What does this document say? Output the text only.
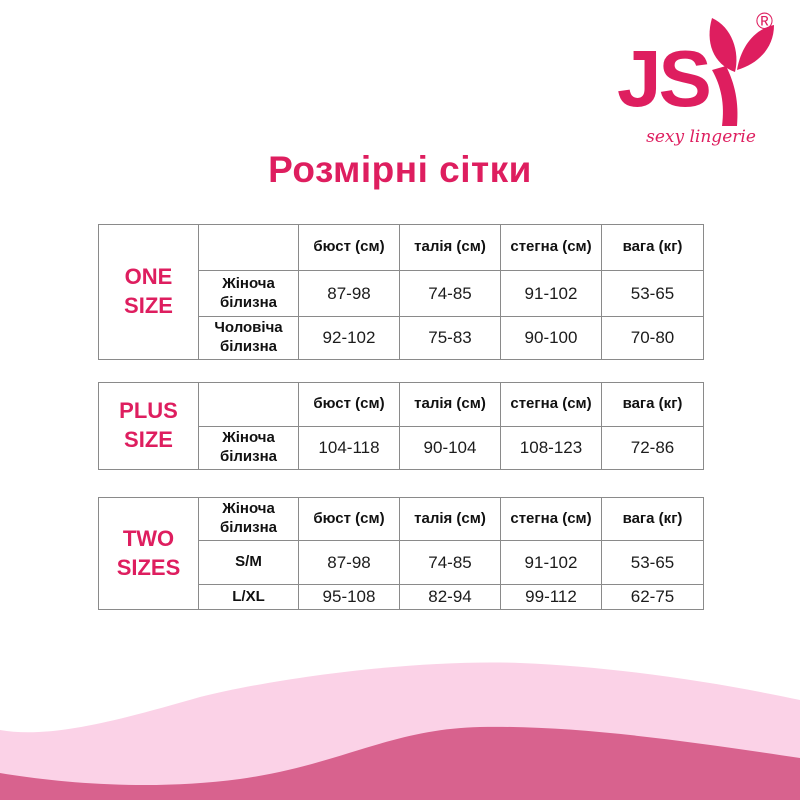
JS
®
sexy lingerie
Розмірні сітки
ONE SIZE		бюст (см)	талія (см)	стегна (см)	вага (кг)
	Жіноча білизна	87-98	74-85	91-102	53-65
	Чоловіча білизна	92-102	75-83	90-100	70-80
PLUS SIZE		бюст (см)	талія (см)	стегна (см)	вага (кг)
	Жіноча білизна	104-118	90-104	108-123	72-86
TWO SIZES	Жіноча білизна	бюст (см)	талія (см)	стегна (см)	вага (кг)
	S/M	87-98	74-85	91-102	53-65
	L/XL	95-108	82-94	99-112	62-75
